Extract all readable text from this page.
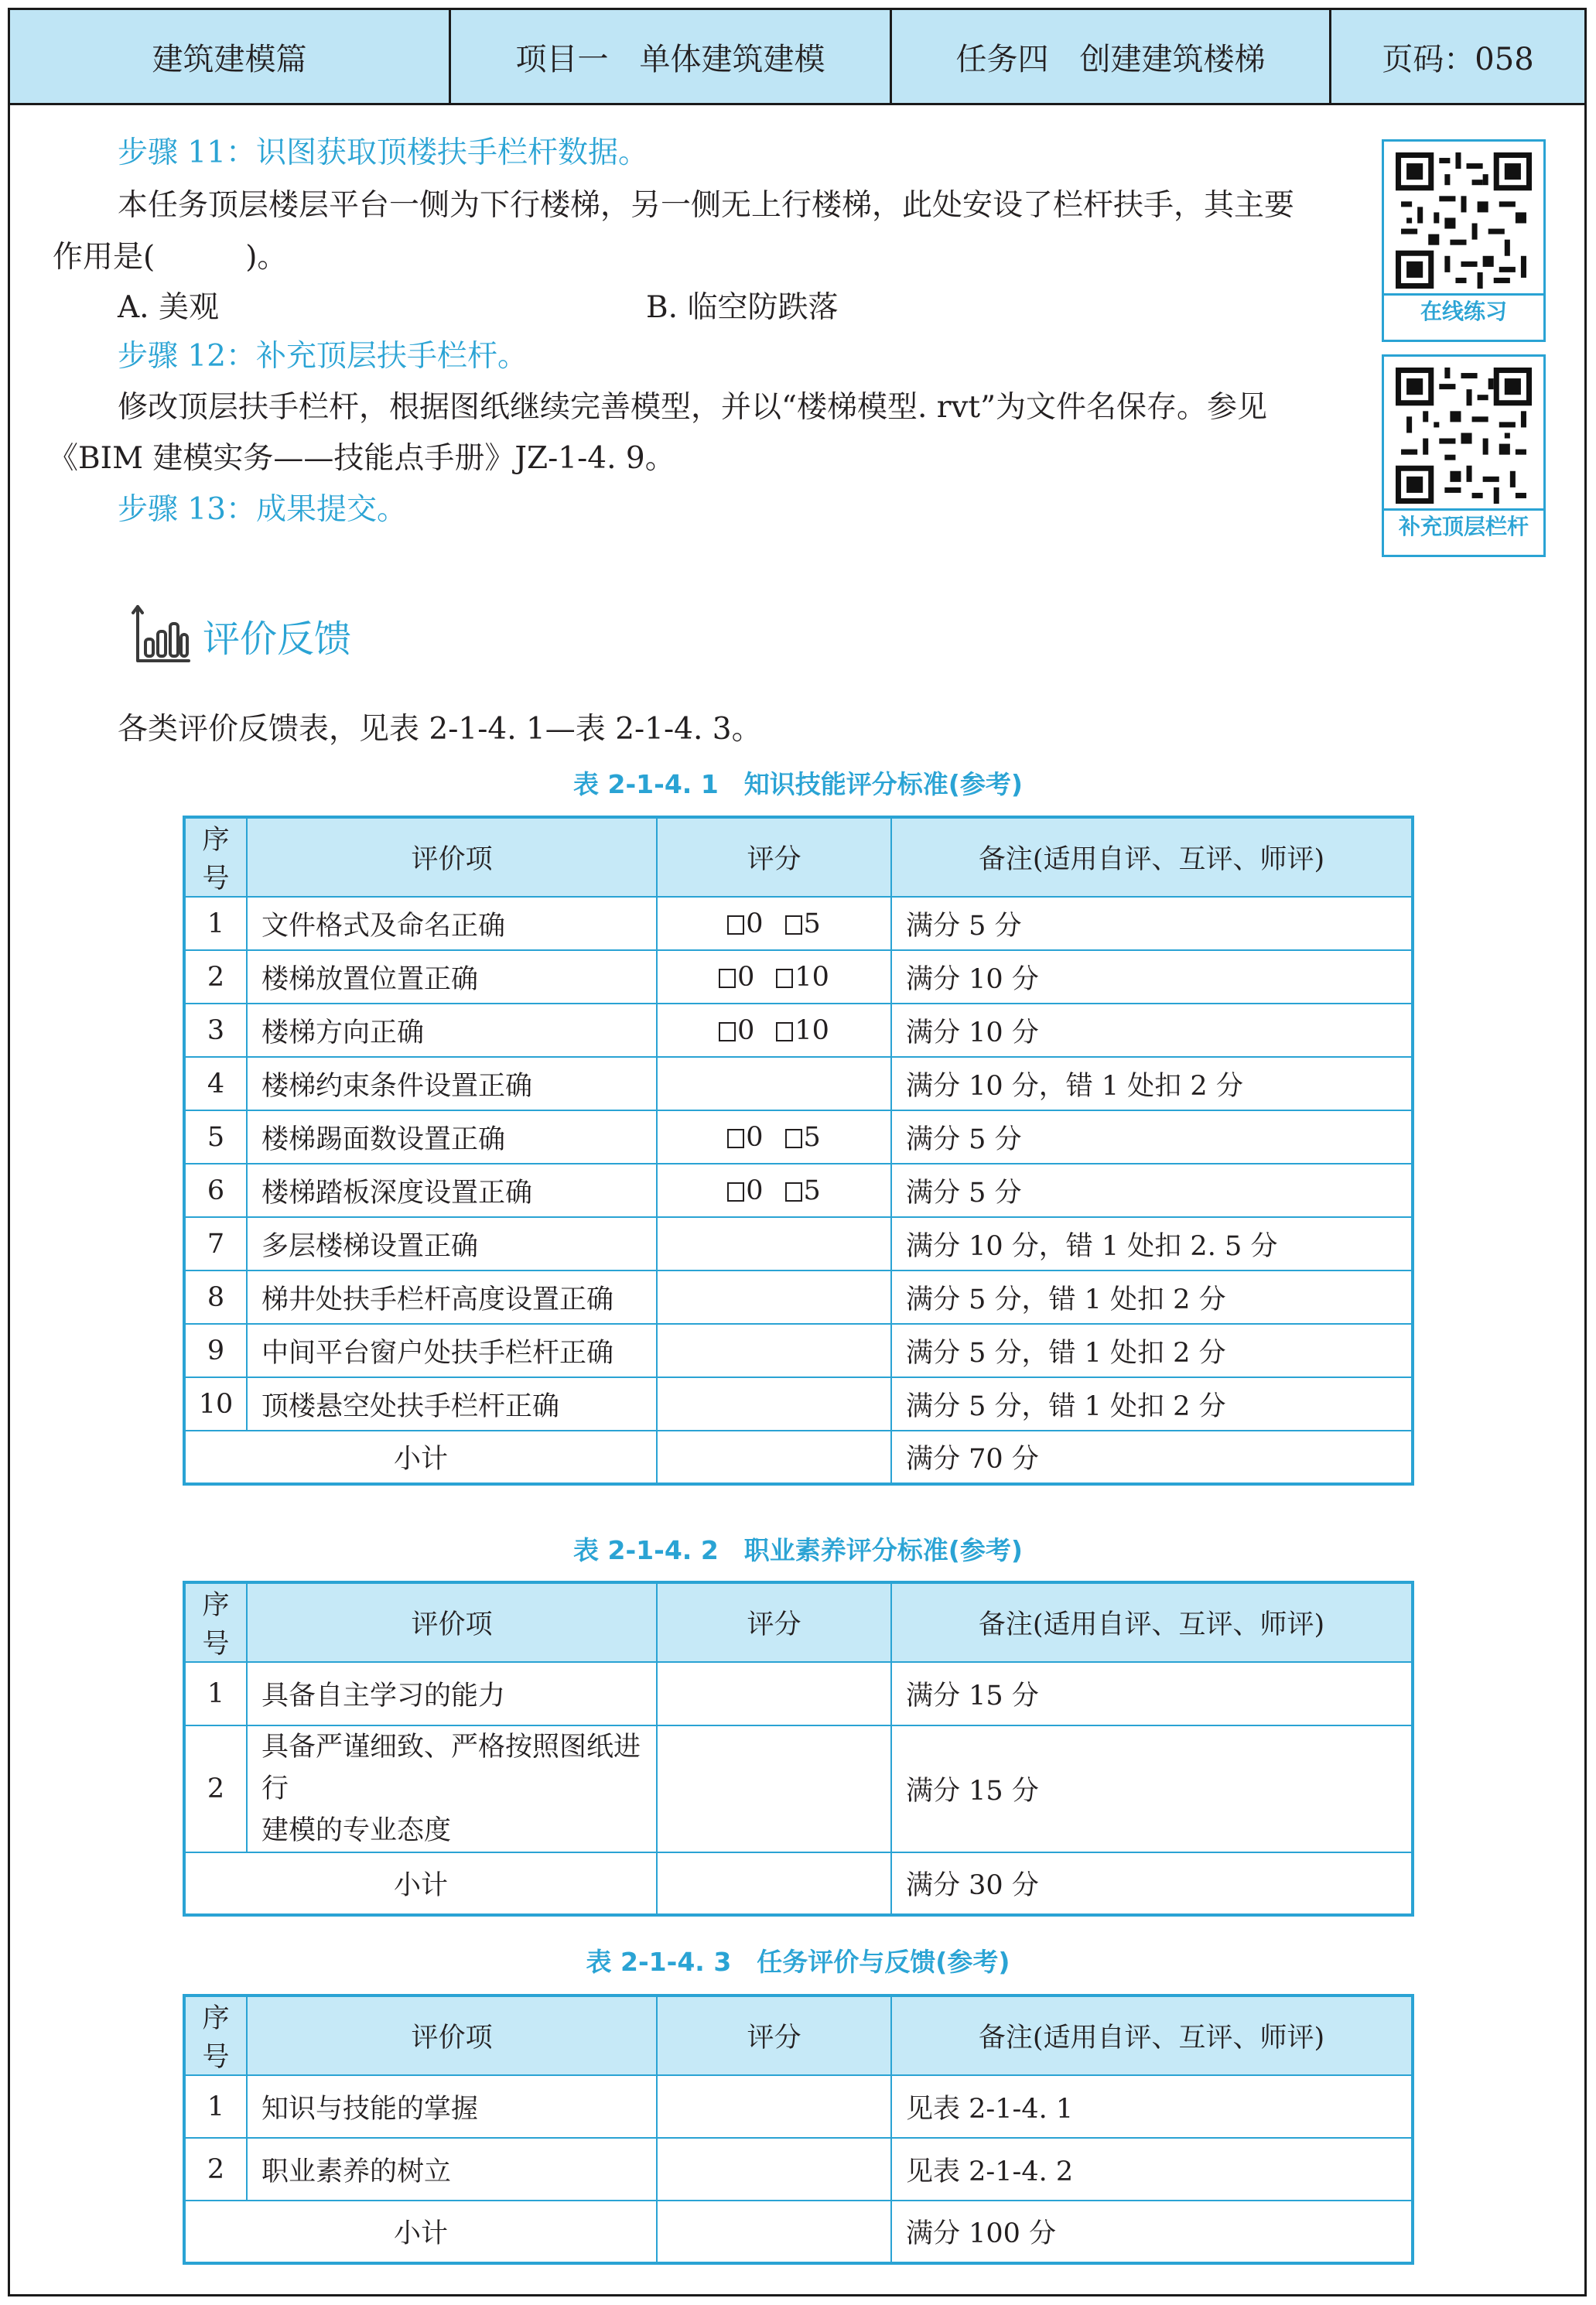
建筑建模篇	项目一　单体建筑建模	任务四　创建建筑楼梯	页码：058
步骤 11：识图获取顶楼扶手栏杆数据。
本任务顶层楼层平台一侧为下行楼梯，另一侧无上行楼梯，此处安设了栏杆扶手，其主要
作用是(　　　)。
A. 美观	B. 临空防跌落
步骤 12：补充顶层扶手栏杆。
修改顶层扶手栏杆，根据图纸继续完善模型，并以“楼梯模型. rvt”为文件名保存。参见
《BIM 建模实务——技能点手册》JZ-1-4. 9。
步骤 13：成果提交。
在线练习
补充顶层栏杆
评价反馈
各类评价反馈表，见表 2-1-4. 1—表 2-1-4. 3。
表 2-1-4. 1　知识技能评分标准(参考)
序号	评价项	评分	备注(适用自评、互评、师评)
1	文件格式及命名正确	0 5	满分 5 分
2	楼梯放置位置正确	0 10	满分 10 分
3	楼梯方向正确	0 10	满分 10 分
4	楼梯约束条件设置正确		满分 10 分，错 1 处扣 2 分
5	楼梯踢面数设置正确	0 5	满分 5 分
6	楼梯踏板深度设置正确	0 5	满分 5 分
7	多层楼梯设置正确		满分 10 分，错 1 处扣 2. 5 分
8	梯井处扶手栏杆高度设置正确		满分 5 分，错 1 处扣 2 分
9	中间平台窗户处扶手栏杆正确		满分 5 分，错 1 处扣 2 分
10	顶楼悬空处扶手栏杆正确		满分 5 分，错 1 处扣 2 分
小计			满分 70 分
表 2-1-4. 2　职业素养评分标准(参考)
序号	评价项	评分	备注(适用自评、互评、师评)
1	具备自主学习的能力		满分 15 分
2	具备严谨细致、严格按照图纸进行
建模的专业态度		满分 15 分
小计			满分 30 分
表 2-1-4. 3　任务评价与反馈(参考)
序号	评价项	评分	备注(适用自评、互评、师评)
1	知识与技能的掌握		见表 2-1-4. 1
2	职业素养的树立		见表 2-1-4. 2
小计			满分 100 分
